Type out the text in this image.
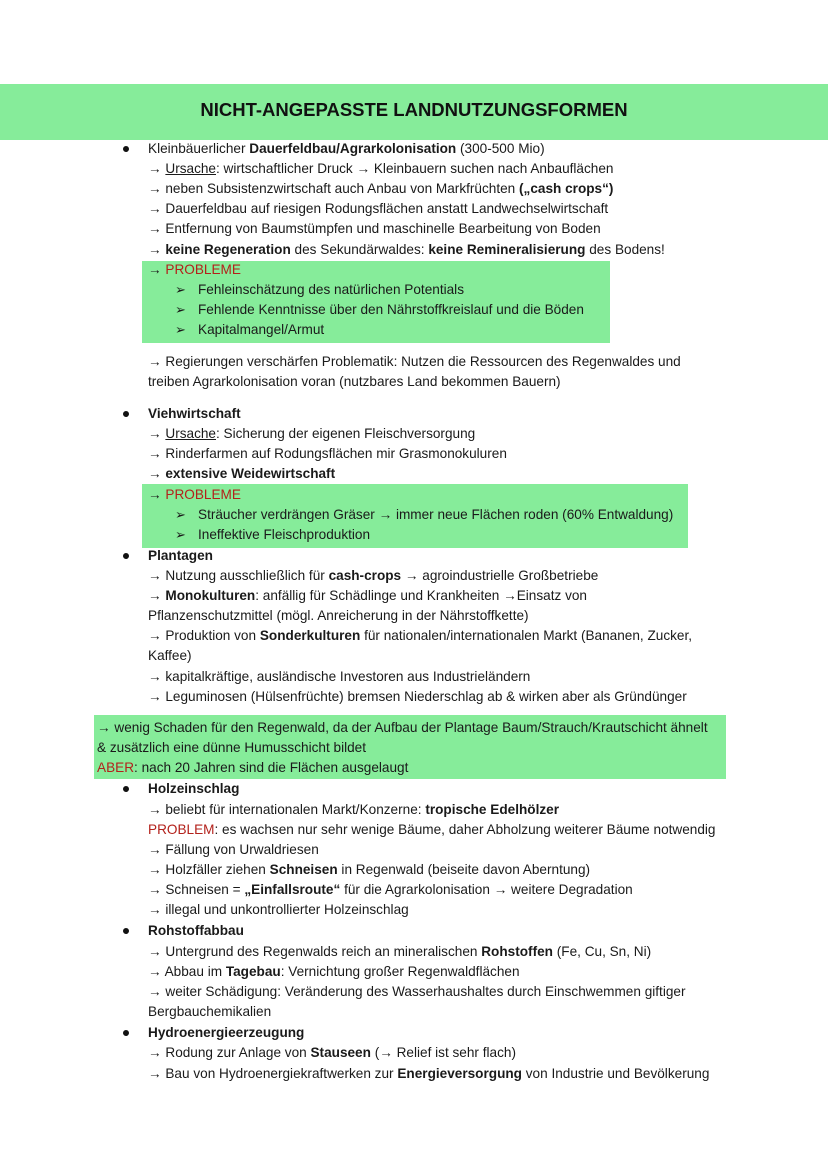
NICHT-ANGEPASSTE LANDNUTZUNGSFORMEN
Kleinbäuerlicher Dauerfeldbau/Agrarkolonisation (300-500 Mio)
→ Ursache: wirtschaftlicher Druck → Kleinbauern suchen nach Anbauflächen
→ neben Subsistenzwirtschaft auch Anbau von Markfrüchten („cash crops“)
→ Dauerfeldbau auf riesigen Rodungsflächen anstatt Landwechselwirtschaft
→ Entfernung von Baumstümpfen und maschinelle Bearbeitung von Boden
→ keine Regeneration des Sekundärwaldes: keine Remineralisierung des Bodens!
→ PROBLEME
➢ Fehleinschätzung des natürlichen Potentials
➢ Fehlende Kenntnisse über den Nährstoffkreislauf und die Böden
➢ Kapitalmangel/Armut
→ Regierungen verschärfen Problematik: Nutzen die Ressourcen des Regenwaldes und
treiben Agrarkolonisation voran (nutzbares Land bekommen Bauern)
Viehwirtschaft
→ Ursache: Sicherung der eigenen Fleischversorgung
→ Rinderfarmen auf Rodungsflächen mir Grasmonokuluren
→ extensive Weidewirtschaft
→ PROBLEME
➢ Sträucher verdrängen Gräser → immer neue Flächen roden (60% Entwaldung)
➢ Ineffektive Fleischproduktion
Plantagen
→ Nutzung ausschließlich für cash-crops → agroindustrielle Großbetriebe
→ Monokulturen: anfällig für Schädlinge und Krankheiten →Einsatz von
Pflanzenschutzmittel (mögl. Anreicherung in der Nährstoffkette)
→ Produktion von Sonderkulturen für nationalen/internationalen Markt (Bananen, Zucker,
Kaffee)
→ kapitalkräftige, ausländische Investoren aus Industrieländern
→ Leguminosen (Hülsenfrüchte) bremsen Niederschlag ab & wirken aber als Gründünger
→ wenig Schaden für den Regenwald, da der Aufbau der Plantage Baum/Strauch/Krautschicht ähnelt
& zusätzlich eine dünne Humusschicht bildet
ABER: nach 20 Jahren sind die Flächen ausgelaugt
Holzeinschlag
→ beliebt für internationalen Markt/Konzerne: tropische Edelhölzer
PROBLEM: es wachsen nur sehr wenige Bäume, daher Abholzung weiterer Bäume notwendig
→ Fällung von Urwaldriesen
→ Holzfäller ziehen Schneisen in Regenwald (beiseite davon Aberntung)
→ Schneisen = „Einfallsroute“ für die Agrarkolonisation → weitere Degradation
→ illegal und unkontrollierter Holzeinschlag
Rohstoffabbau
→ Untergrund des Regenwalds reich an mineralischen Rohstoffen (Fe, Cu, Sn, Ni)
→ Abbau im Tagebau: Vernichtung großer Regenwaldflächen
→ weiter Schädigung: Veränderung des Wasserhaushaltes durch Einschwemmen giftiger
Bergbauchemikalien
Hydroenergieerzeugung
→ Rodung zur Anlage von Stauseen (→ Relief ist sehr flach)
→ Bau von Hydroenergiekraftwerken zur Energieversorgung von Industrie und Bevölkerung
